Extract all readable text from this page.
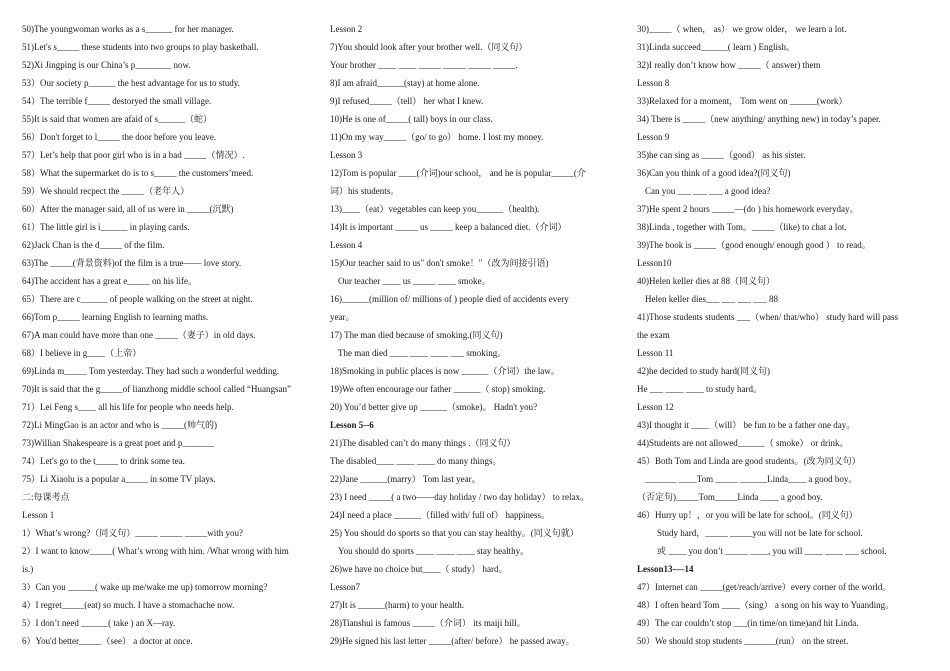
50)The youngwoman works as a s______ for her manager.
51)Let's s_____ these students into two groups to play basketball.
52)Xi Jingping is our China’s p________ now.
53）Our society p______ the best advantage for us to study.
54）The terrible f_____ destoryed the small village.
55)It is said that women are afaid of s______（蛇）
56）Don't forget to l_____ the door before you leave.
57）Let’s help that poor girl who is in a bad _____（情况）.
58）What the supermarket do is to s_____ the customers’meed.
59）We should recpect the _____（老年人）
60）After the manager said, all of us were in _____(沉默)
61）The little girl is i______ in playing cards.
62)Jack Chan is the d_____ of the film.
63)The _____(背景资料)of the film is a true—— love story.
64)The accident has a great e_____ on his life。
65）There are c______ of people walking on the street at night.
66)Tom p_____ learning English to learning maths.
67)A man could have more than one _____（妻子）in old days.
68）I believe in g____（上帝）
69)Linda m_____ Tom yesterday. They had such a wonderful wedding.
70)It is said that the g_____of lianzhong middle school called “Huangsan”
71）Lei Feng s____ all his life for people who needs help.
72)Li MingGao is an actor and who is _____(帅气的)
73)Willian Shakespeare is a great poet and p_______
74）Let's go to the t_____ to drink some tea.
75）Li Xiaolu is a popular a_____ in some TV plays.
二:每课考点
Lesson 1
1）What’s wrong?（同义句）_____ _____ _____with you?
2）I want to know_____( What’s wrong with him. /What wrong with him
is.)
3）Can you ______( wake up me/wake me up) tomorrow morning?
4）I regret_____(eat) so much. I have a stomachache now.
5）I don’t need ______( take ) an X—ray.
6）You'd better_____（see） a doctor at once.
Lesson 2
7)You should look after your brother well.（同义句）
Your brother ____ ____ _____ _____ _____ _____.
8)I am afraid______(stay) at home alone.
9)I refused_____（tell） her what I knew.
10)He is one of_____( tall) boys in our class.
11)On my way_____（go/ to go） home. I lost my money.
Lesson 3
12)Tom is popular ____(介词)our school， and he is popular_____(介
词）his students。
13)____（eat）vegetables can keep you______（health).
14)It is important _____ us _____ keep a balanced diet.（介词）
Lesson 4
15)Our teacher said to us" don't smoke！"（改为间接引语)
Our teacher ____ us _____ ____ smoke。
16)______(million of/ millions of ) people died of accidents every
year。
17) The man died because of smoking.(同义句)
The man died ____ ____ ____ ___ smoking。
18)Smoking in public places is now ______（介词）the law。
19)We often encourage our father ______（ stop) smoking.
20) You’d better give up ______（smoke)。 Hadn't you?
Lesson 5--6
21)The disabled can’t do many things .（同义句）
The disabled____ ____ ____ do many things。
22)Jane ______(marry） Tom last year。
23) I need _____( a two——day holiday / two day holiday） to relax。
24)I need a place ______（filled with/ full of） happiness。
25) You should do sports so that you can stay healthy。(同义句就）
You should do sports ____ ____ ____ stay healthy。
26)we have no choice but____（ study） hard。
Lesson7
27)It is ______(harm) to your health.
28)Tianshui is famous _____（介词） its maiji hill。
29)He signed his last letter _____(after/ before） he passed away。
30)_____（ when， as） we grow older， we learn a lot.
31)Linda succeed______( learn ) English。
32)I really don’t know how _____（ answer) them
Lesson 8
33)Relaxed for a moment， Tom went on ______(work）
34) There is _____（new anything/ anything new) in today’s paper.
Lesson 9
35)he can sing as _____（good） as his sister.
36)Can you think of a good idea?(同义句)
Can you ___ ___ ___ a good idea?
37)He spent 2 hours _____—(do ) his homework everyday。
38)Linda , together with Tom。_____（like) to chat a lot.
39)The book is _____（good enough/ enough good ） to read。
Lesson10
40)Helen keller dies at 88（同义句）
Helen keller dies___ ___ ___ ___ 88
41)Those students students ___（when/ that/who） study hard will pass
the exam
Lesson 11
42)he decided to study hard(同义句)
He ___ ____ ____ to study hard。
Lesson 12
43)I thought it ____（will） be fun to be a father one day。
44)Students are not allowed______（ smoke） or drink。
45）Both Tom and Linda are good students。(改为同义句）
_______ ____Tom _____ ______Linda____ a good boy。
（否定句)_____Tom_____Linda ____ a good boy.
46）Hurry up！，or you will be late for school。(同义句）
Study hard，_____ _____you will not be late for school.
或 ____ you don’t _____ ____, you will ____ ____ ___ school.
Lesson13-—14
47）Internet can _____(get/reach/arrive）every corner of the world。
48）I often heard Tom ____（sing） a song on his way to Yuanding。
49）The car couldn’t stop ___(in time/on time)and hit Linda.
50）We should stop students _______(run） on the street.
